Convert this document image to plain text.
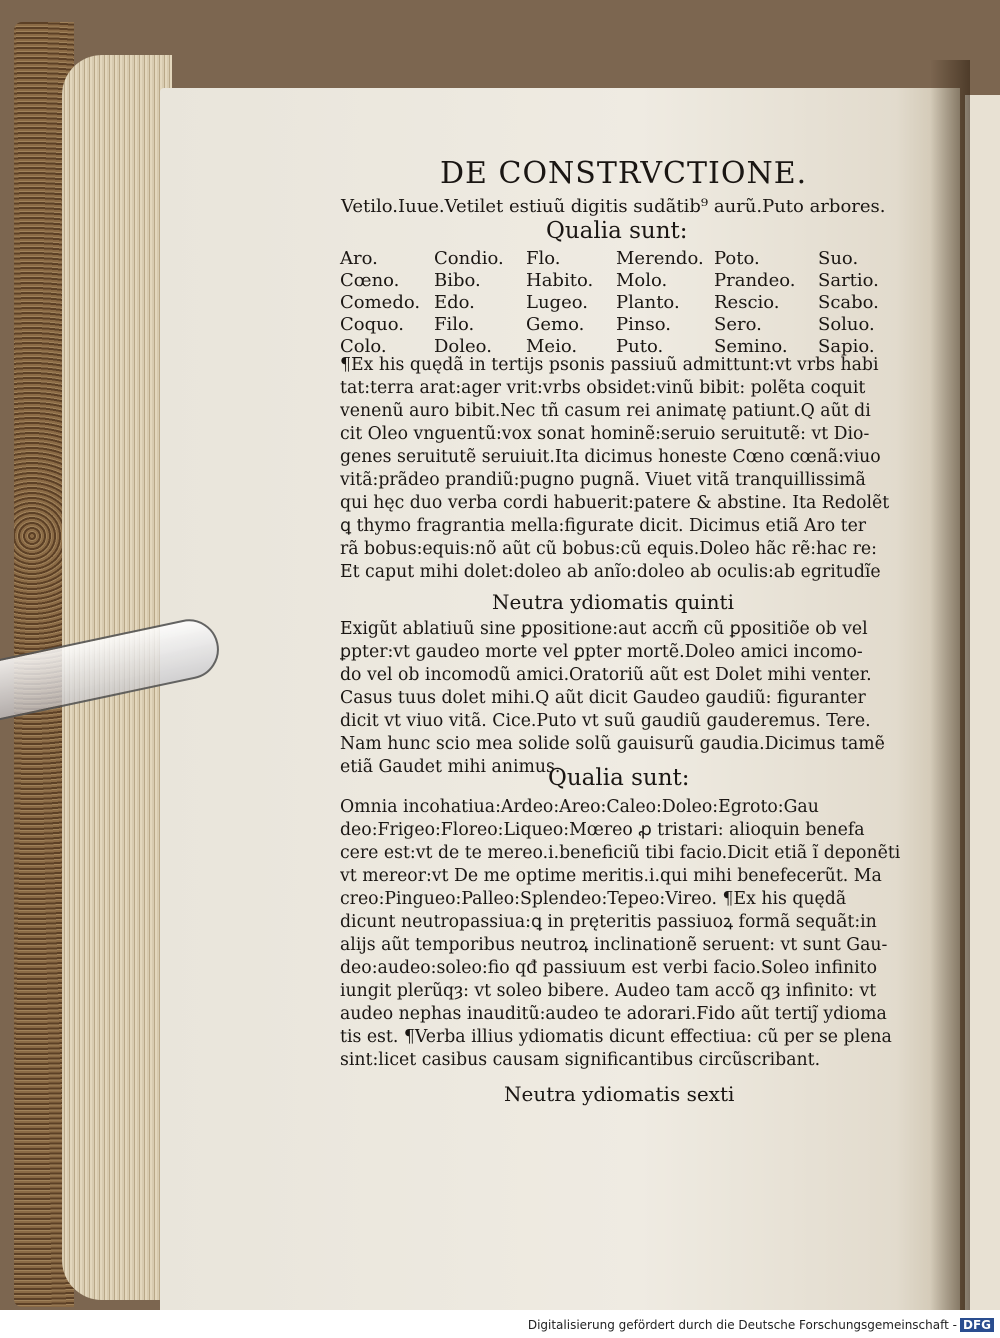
DE CONSTRVCTIONE.
Vetilo.Iuue.Vetilet estiuũ digitis sudãtib⁹ aurũ.Puto arbores.
Qualia sunt:
Aro.	Condio.	Flo.	Merendo. Poto.	Suo.
Cœno.	Bibo.	Habito.	Molo.	Prandeo.	Sartio.
Comedo. Edo.	Lugeo.	Planto.	Rescio.	Scabo.
Coquo.	Filo.	Gemo.	Pinso.	Sero.	Soluo.
Colo.	Doleo.	Meio.	Puto.	Semino.	Sapio.
¶Ex his quędã in tertijs psonis passiuũ admittunt:vt vrbs habi
tat:terra arat:ager vrit:vrbs obsidet:vinũ bibit: polẽta coquit
venenũ auro bibit.Nec tñ casum rei animatę patiunt.Q aũt di
cit Oleo vnguentũ:vox sonat hominẽ:seruio seruitutẽ: vt Dio-
genes seruitutẽ seruiuit.Ita dicimus honeste Cœno cœnã:viuo
vitã:prãdeo prandiũ:pugno pugnã. Viuet vitã tranquillissimã
qui hęc duo verba cordi habuerit:patere & abstine. Ita Redolẽt
ꝗ thymo fragrantia mella:figurate dicit. Dicimus etiã Aro ter
rã bobus:equis:nõ aũt cũ bobus:cũ equis.Doleo hãc rẽ:hac re:
Et caput mihi dolet:doleo ab anĩo:doleo ab oculis:ab egritudĩe
Neutra ydiomatis quinti
Exigũt ablatiuũ sine ꝑpositione:aut accm̃ cũ ꝑpositiõe ob vel
ꝑpter:vt gaudeo morte vel ꝑpter mortẽ.Doleo amici incomo-
do vel ob incomodũ amici.Oratoriũ aũt est Dolet mihi venter.
Casus tuus dolet mihi.Q aũt dicit Gaudeo gaudiũ: figuranter
dicit vt viuo vitã. Cice.Puto vt suũ gaudiũ gauderemus. Tere.
Nam hunc scio mea solide solũ gauisurũ gaudia.Dicimus tamẽ
etiã Gaudet mihi animus.
Qualia sunt:
Omnia incohatiua:Ardeo:Areo:Caleo:Doleo:Egroto:Gau
deo:Frigeo:Floreo:Liqueo:Mœreo ꝓ tristari: alioquin benefa
cere est:vt de te mereo.i.beneficiũ tibi facio.Dicit etiã ĩ deponẽti
vt mereor:vt De me optime meritis.i.qui mihi benefecerũt. Ma
creo:Pingueo:Palleo:Splendeo:Tepeo:Vireo. ¶Ex his quędã
dicunt neutropassiua:ꝗ in pręteritis passiuoꝝ formã sequãt:in
alijs aũt temporibus neutroꝝ inclinationẽ seruent: vt sunt Gau-
deo:audeo:soleo:fio qđ passiuum est verbi facio.Soleo infinito
iungit plerũqȝ: vt soleo bibere. Audeo tam accõ qȝ infinito: vt
audeo nephas inauditũ:audeo te adorari.Fido aũt tertiȷ̃ ydioma
tis est. ¶Verba illius ydiomatis dicunt effectiua: cũ per se plena
sint:licet casibus causam significantibus circũscribant.
Neutra ydiomatis sexti
Digitalisierung gefördert durch die Deutsche Forschungsgemeinschaft - DFG
